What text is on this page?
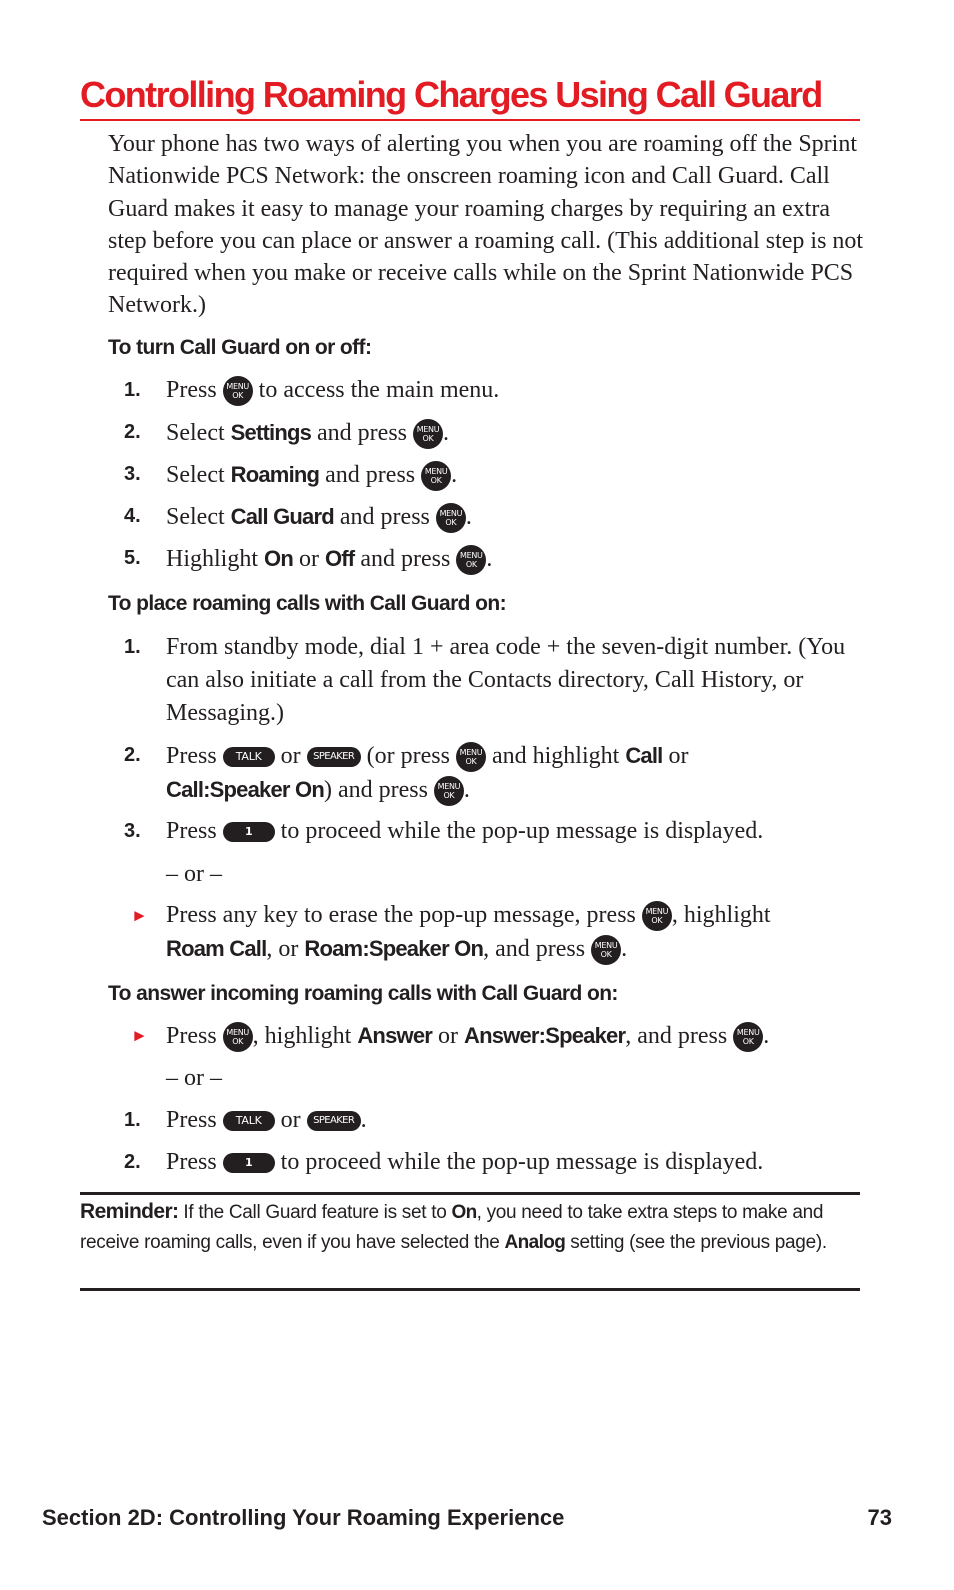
Controlling Roaming Charges Using Call Guard

Your phone has two ways of alerting you when you are roaming off the Sprint Nationwide PCS Network: the onscreen roaming icon and Call Guard. Call Guard makes it easy to manage your roaming charges by requiring an extra step before you can place or answer a roaming call. (This additional step is not required when you make or receive calls while on the Sprint Nationwide PCS Network.)

To turn Call Guard on or off:
1. Press MENU
OK to access the main menu.
2. Select Settings and press MENU
OK .
3. Select Roaming and press MENU
OK .
4. Select Call Guard and press MENU
OK .
5. Highlight On or Off and press MENU
OK .
To place roaming calls with Call Guard on:
1. From standby mode, dial 1 + area code + the seven-digit number. (You can also initiate a call from the Contacts directory, Call History, or Messaging.)
2. Press TALK or SPEAKER (or press MENU
OK and highlight Call or
Call:Speaker On) and press MENU
OK .
3. Press 1 to proceed while the pop-up message is displayed.
– or –
► Press any key to erase the pop-up message, press MENU
OK , highlight
Roam Call, or Roam:Speaker On, and press MENU
OK .
To answer incoming roaming calls with Call Guard on:
► Press MENU
OK , highlight Answer or Answer:Speaker, and press MENU
OK .
– or –
1. Press TALK or SPEAKER .
2. Press 1 to proceed while the pop-up message is displayed.

Reminder: If the Call Guard feature is set to On, you need to take extra steps to make and receive roaming calls, even if you have selected the Analog setting (see the previous page).

Section 2D: Controlling Your Roaming Experience	73
